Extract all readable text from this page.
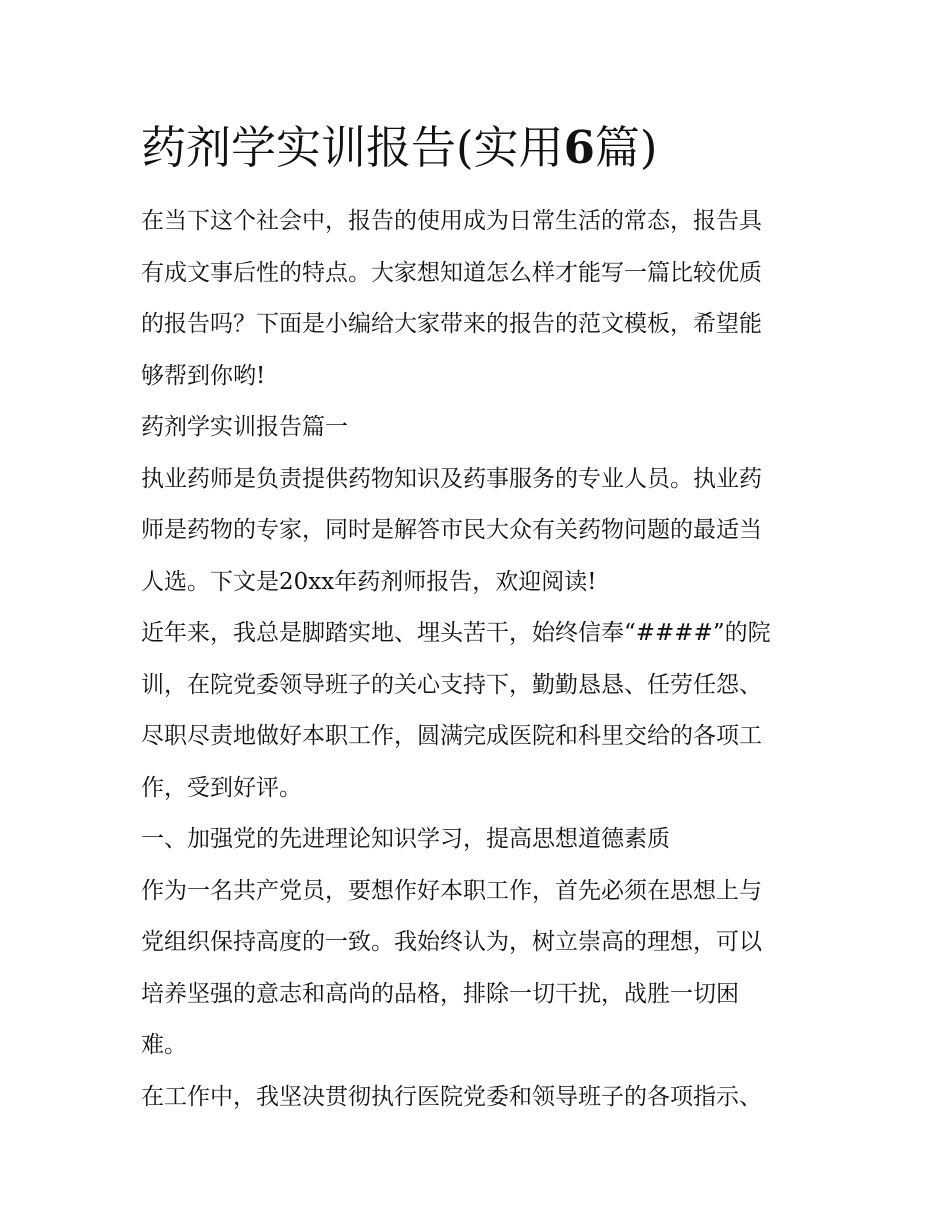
药剂学实训报告(实用6篇)
在当下这个社会中，报告的使用成为日常生活的常态，报告具
有成文事后性的特点。大家想知道怎么样才能写一篇比较优质
的报告吗？下面是小编给大家带来的报告的范文模板，希望能
够帮到你哟!
药剂学实训报告篇一
执业药师是负责提供药物知识及药事服务的专业人员。执业药
师是药物的专家，同时是解答市民大众有关药物问题的最适当
人选。下文是20xx年药剂师报告，欢迎阅读!
近年来，我总是脚踏实地、埋头苦干，始终信奉“####”的院
训，在院党委领导班子的关心支持下，勤勤恳恳、任劳任怨、
尽职尽责地做好本职工作，圆满完成医院和科里交给的各项工
作，受到好评。
一、加强党的先进理论知识学习，提高思想道德素质
作为一名共产党员，要想作好本职工作，首先必须在思想上与
党组织保持高度的一致。我始终认为，树立崇高的理想，可以
培养坚强的意志和高尚的品格，排除一切干扰，战胜一切困
难。
在工作中，我坚决贯彻执行医院党委和领导班子的各项指示、
